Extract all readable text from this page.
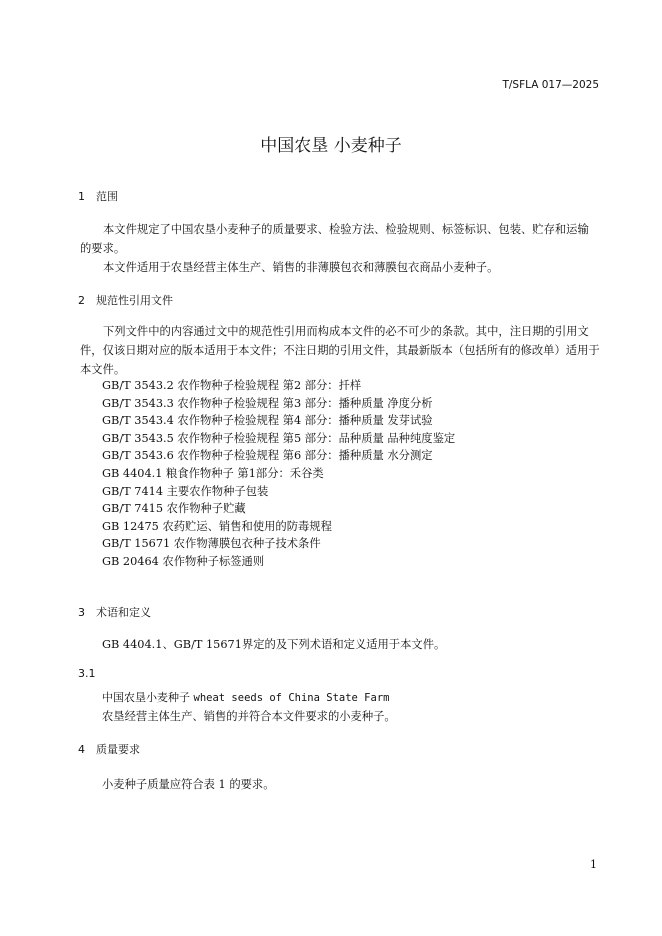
T/SFLA 017—2025
中国农垦 小麦种子
1 范围

本文件规定了中国农垦小麦种子的质量要求、检验方法、检验规则、标签标识、包装、贮存和运输的要求。

本文件适用于农垦经营主体生产、销售的非薄膜包衣和薄膜包衣商品小麦种子。

2 规范性引用文件

下列文件中的内容通过文中的规范性引用而构成本文件的必不可少的条款。其中，注日期的引用文件，仅该日期对应的版本适用于本文件；不注日期的引用文件，其最新版本（包括所有的修改单）适用于本文件。

GB/T 3543.2 农作物种子检验规程 第2 部分：扦样
GB/T 3543.3 农作物种子检验规程 第3 部分：播种质量 净度分析
GB/T 3543.4 农作物种子检验规程 第4 部分：播种质量 发芽试验
GB/T 3543.5 农作物种子检验规程 第5 部分：品种质量 品种纯度鉴定
GB/T 3543.6 农作物种子检验规程 第6 部分：播种质量 水分测定
GB 4404.1 粮食作物种子 第1部分：禾谷类
GB/T 7414 主要农作物种子包装
GB/T 7415 农作物种子贮藏
GB 12475 农药贮运、销售和使用的防毒规程
GB/T 15671 农作物薄膜包衣种子技术条件
GB 20464 农作物种子标签通则
3 术语和定义
GB 4404.1、GB/T 15671界定的及下列术语和定义适用于本文件。
3.1
中国农垦小麦种子 wheat seeds of China State Farm
农垦经营主体生产、销售的并符合本文件要求的小麦种子。
4 质量要求
小麦种子质量应符合表 1 的要求。
1
